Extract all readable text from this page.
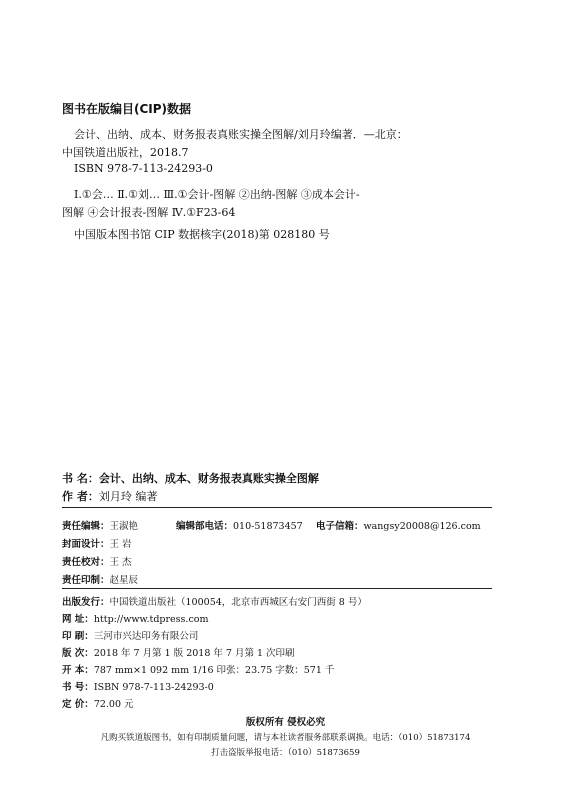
图书在版编目(CIP)数据
会计、出纳、成本、财务报表真账实操全图解/刘月玲编著．—北京：
中国铁道出版社，2018.7
ISBN 978-7-113-24293-0
Ⅰ.①会… Ⅱ.①刘… Ⅲ.①会计-图解 ②出纳-图解 ③成本会计-
图解 ④会计报表-图解 Ⅳ.①F23-64
中国版本图书馆 CIP 数据核字(2018)第 028180 号
书 名：会计、出纳、成本、财务报表真账实操全图解
作 者：刘月玲 编著
责任编辑：王淑艳	编辑部电话：010-51873457 电子信箱：wangsy20008@126.com
封面设计：王 岩
责任校对：王 杰
责任印制：赵星辰
出版发行：中国铁道出版社（100054，北京市西城区右安门西街 8 号）
网 址：http://www.tdpress.com
印 刷：三河市兴达印务有限公司
版 次：2018 年 7 月第 1 版 2018 年 7 月第 1 次印刷
开 本：787 mm×1 092 mm 1/16 印张：23.75 字数：571 千
书 号：ISBN 978-7-113-24293-0
定 价：72.00 元
版权所有 侵权必究
凡购买铁道版图书，如有印制质量问题，请与本社读者服务部联系调换。电话：（010）51873174
打击盗版举报电话：（010）51873659
